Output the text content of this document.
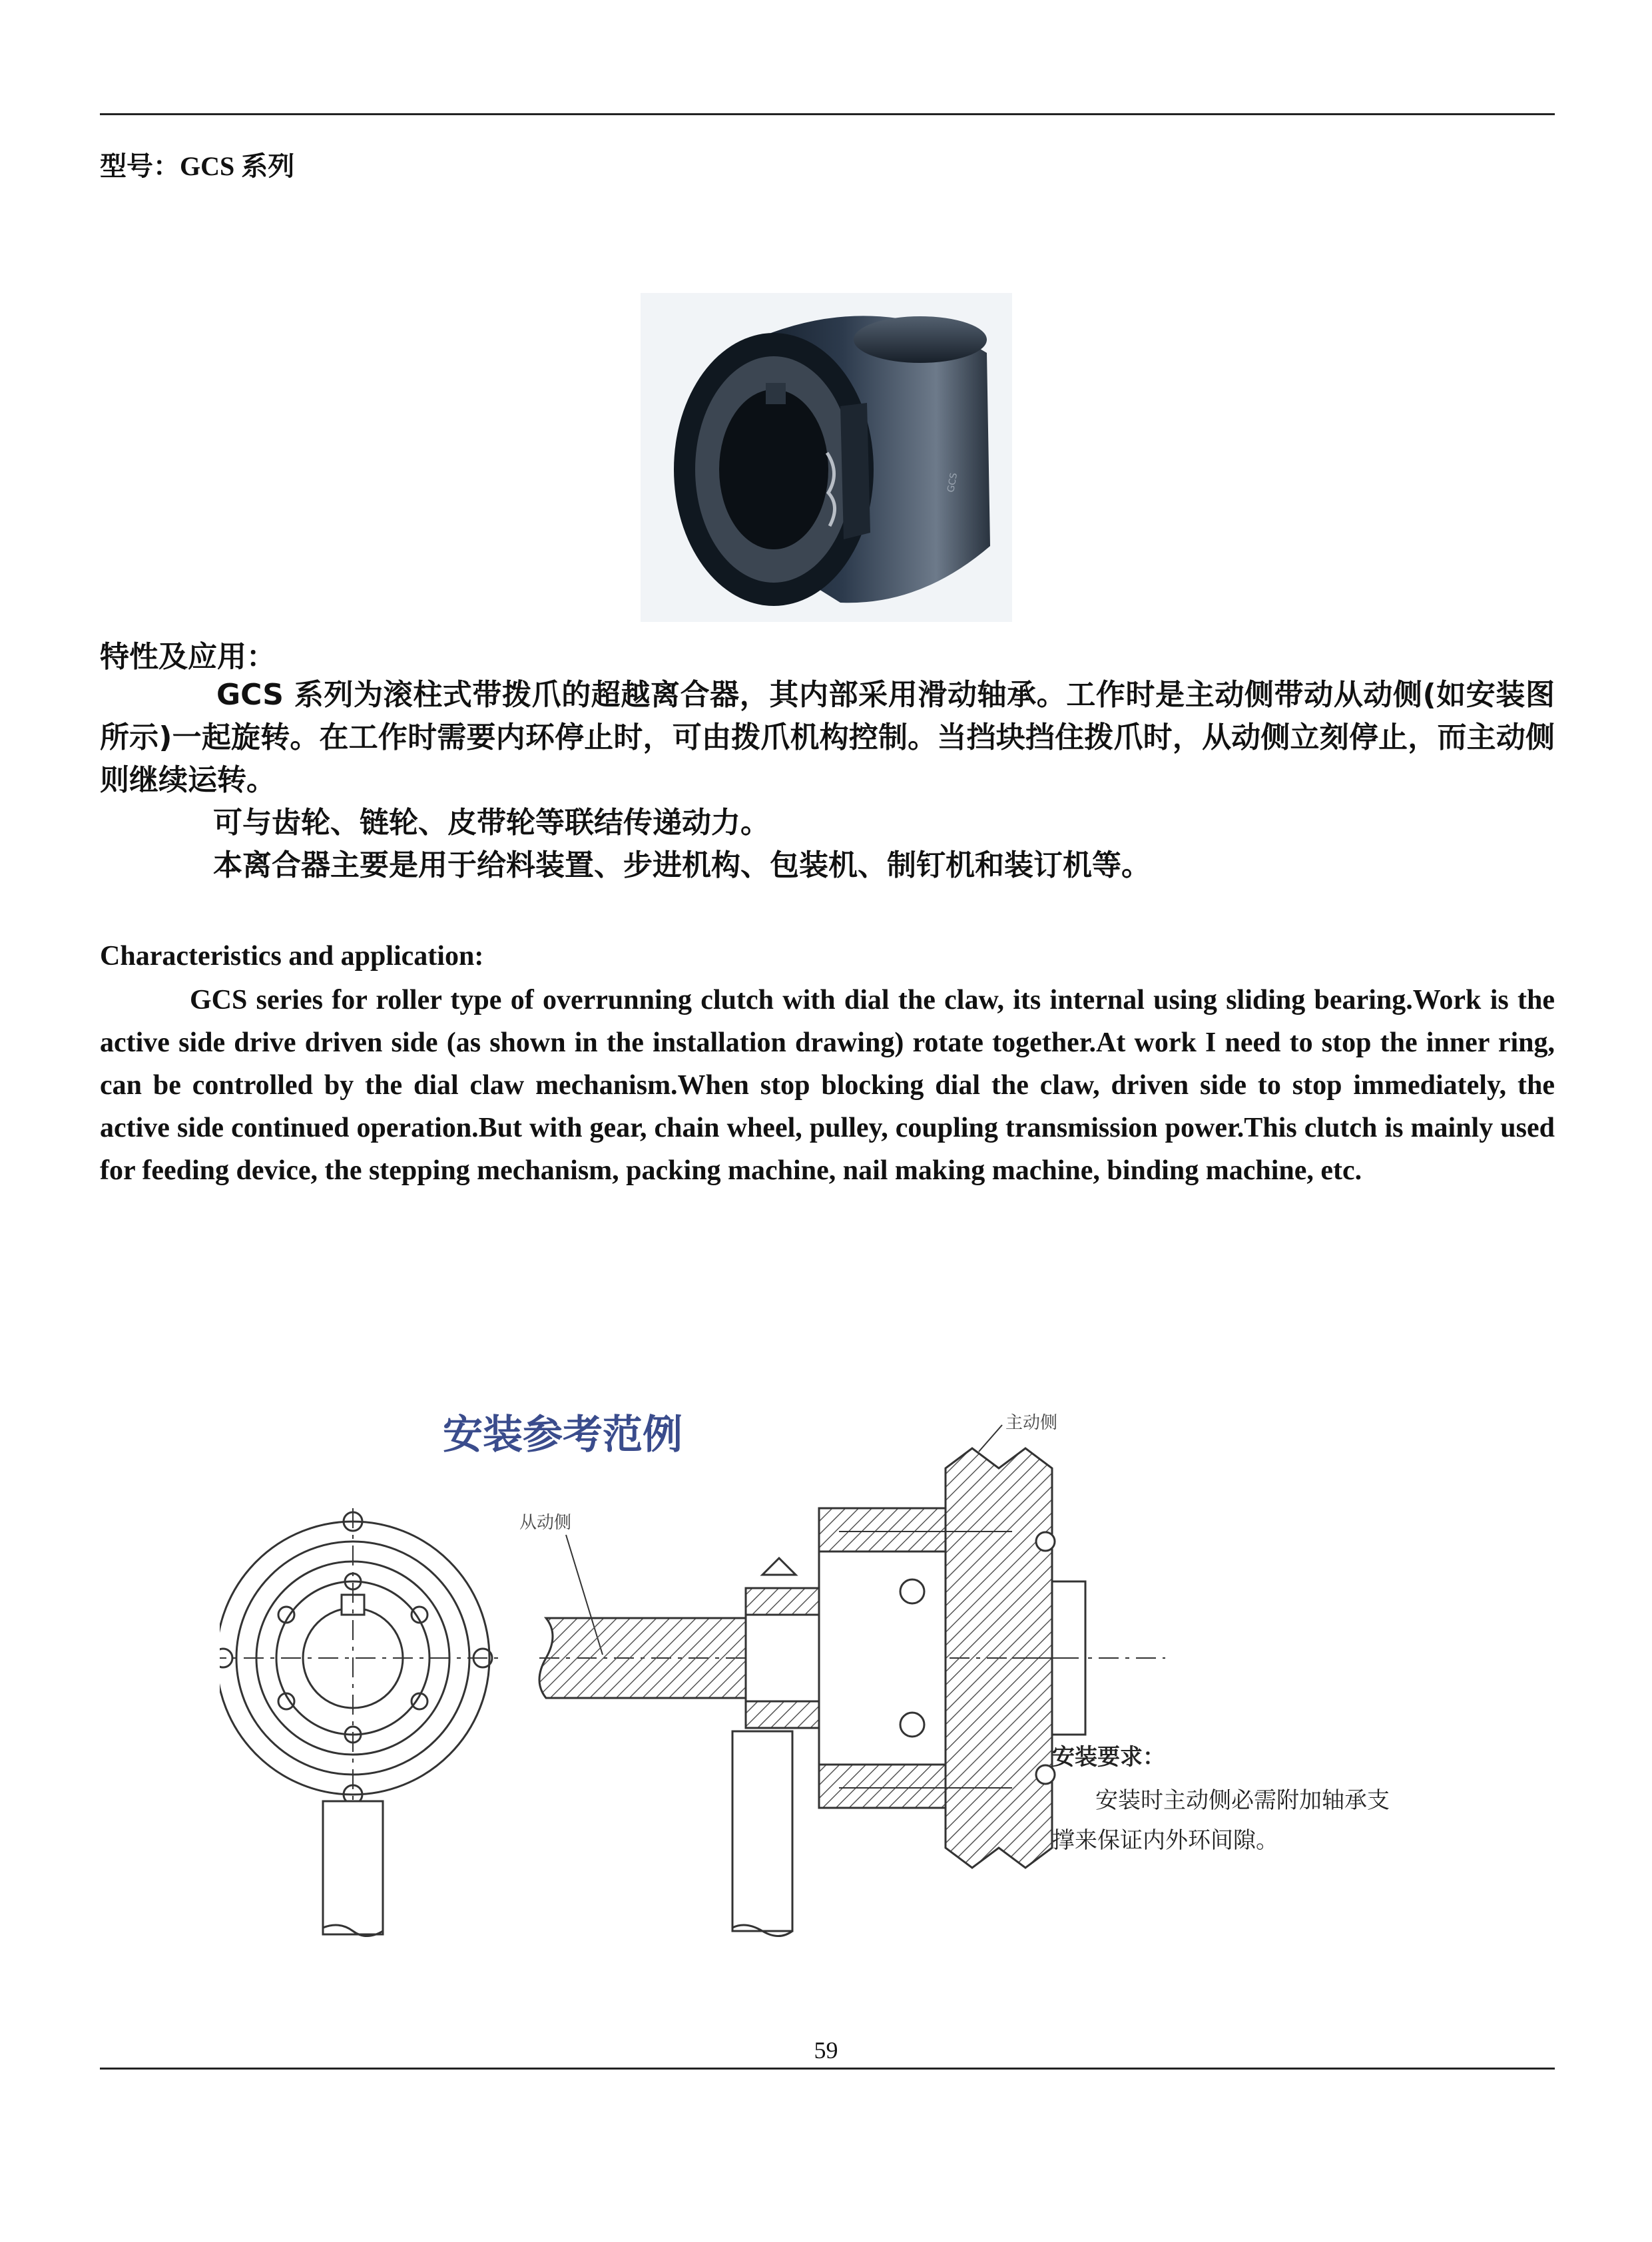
型号：GCS 系列
GCS
特性及应用：

GCS 系列为滚柱式带拨爪的超越离合器，其内部采用滑动轴承。工作时是主动侧带动从动侧(如安装图所示)一起旋转。在工作时需要内环停止时，可由拨爪机构控制。当挡块挡住拨爪时，从动侧立刻停止，而主动侧则继续运转。

可与齿轮、链轮、皮带轮等联结传递动力。

本离合器主要是用于给料装置、步进机构、包装机、制钉机和装订机等。

Characteristics and application:

GCS series for roller type of overrunning clutch with dial the claw, its internal using sliding bearing.Work is the active side drive driven side (as shown in the installation drawing) rotate together.At work I need to stop the inner ring, can be controlled by the dial claw mechanism.When stop blocking dial the claw, driven side to stop immediately, the active side continued operation.But with gear, chain wheel, pulley, coupling transmission power.This clutch is mainly used for feeding device, the stepping mechanism, packing machine, nail making machine, binding machine, etc.

安装参考范例	主动侧
从动侧
安装要求：
安装时主动侧必需附加轴承支
撑来保证内外环间隙。
59
